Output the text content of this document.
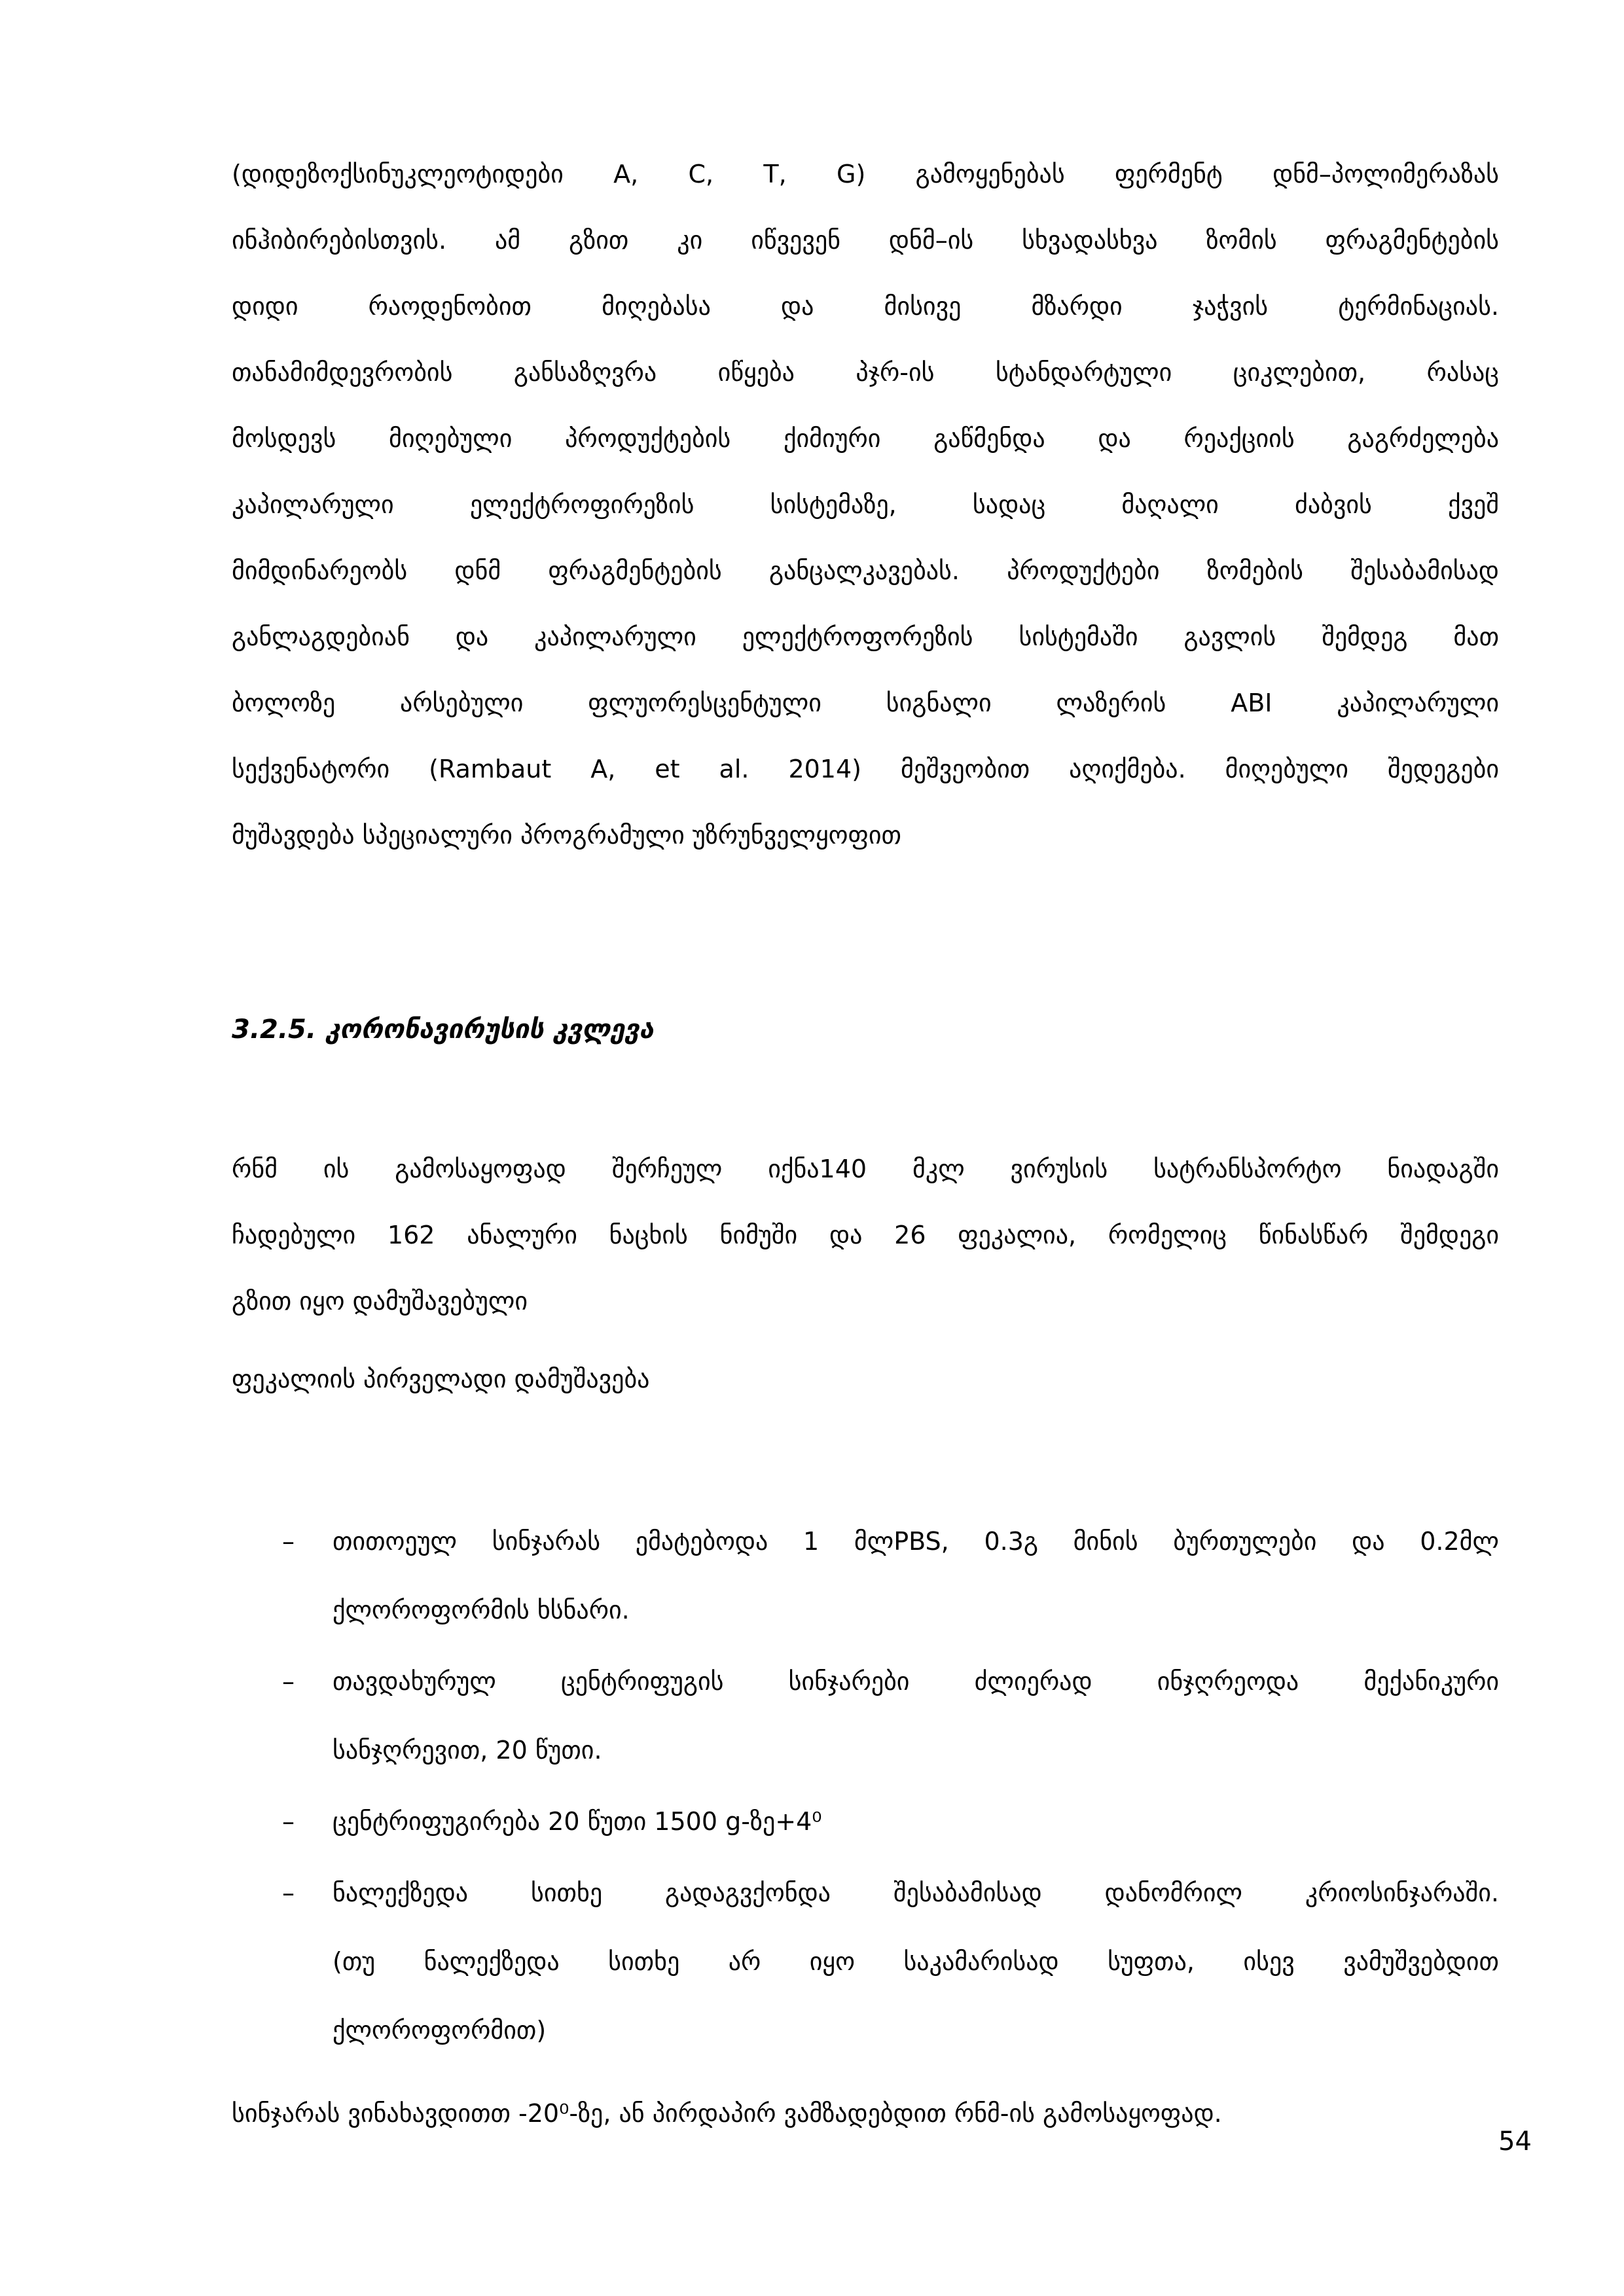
(დიდეზოქსინუკლეოტიდები A, C, T, G) გამოყენებას ფერმენტ დნმ–პოლიმერაზას
ინჰიბირებისთვის. ამ გზით კი იწვევენ დნმ–ის სხვადასხვა ზომის ფრაგმენტების
დიდი რაოდენობით მიღებასა და მისივე მზარდი ჯაჭვის ტერმინაციას.
თანამიმდევრობის განსაზღვრა იწყება პჯრ-ის სტანდარტული ციკლებით, რასაც
მოსდევს მიღებული პროდუქტების ქიმიური გაწმენდა და რეაქციის გაგრძელება
კაპილარული ელექტროფირეზის სისტემაზე, სადაც მაღალი ძაბვის ქვეშ
მიმდინარეობს დნმ ფრაგმენტების განცალკავებას. პროდუქტები ზომების შესაბამისად
განლაგდებიან და კაპილარული ელექტროფორეზის სისტემაში გავლის შემდეგ მათ
ბოლოზე არსებული ფლუორესცენტული სიგნალი ლაზერის ABI კაპილარული
სექვენატორი (Rambaut A, et al. 2014) მეშვეობით აღიქმება. მიღებული შედეგები
მუშავდება სპეციალური პროგრამული უზრუნველყოფით
3.2.5. კორონავირუსის კვლევა
რნმ ის გამოსაყოფად შერჩეულ იქნა140 მკლ ვირუსის სატრანსპორტო ნიადაგში
ჩადებული 162 ანალური ნაცხის ნიმუში და 26 ფეკალია, რომელიც წინასწარ შემდეგი
გზით იყო დამუშავებული
ფეკალიის პირველადი დამუშავება
– თითოეულ სინჯარას ემატებოდა 1 მლPBS, 0.3გ მინის ბურთულები და 0.2მლ
ქლოროფორმის ხსნარი.
– თავდახურულ ცენტრიფუგის სინჯარები ძლიერად ინჯღრეოდა მექანიკური
სანჯღრევით, 20 წუთი.
– ცენტრიფუგირება 20 წუთი 1500 g-ზე+4⁰
– ნალექზედა სითხე გადაგვქონდა შესაბამისად დანომრილ კრიოსინჯარაში.
(თუ ნალექზედა სითხე არ იყო საკამარისად სუფთა, ისევ ვამუშვებდით
ქლოროფორმით)
სინჯარას ვინახავდითთ -20⁰-ზე, ან პირდაპირ ვამზადებდით რნმ-ის გამოსაყოფად.
54
